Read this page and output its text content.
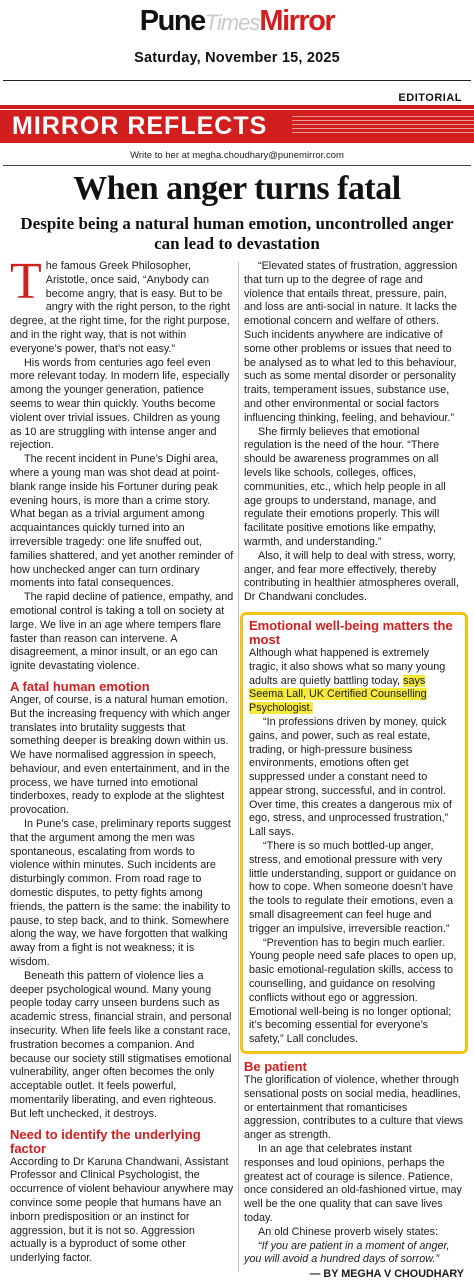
PuneTimesMirror
Saturday, November 15, 2025
EDITORIAL
MIRROR REFLECTS
Write to her at megha.choudhary@punemirror.com
When anger turns fatal
Despite being a natural human emotion, uncontrolled anger can lead to devastation

The famous Greek Philosopher, Aristotle, once said, “Anybody can become angry, that is easy. But to be angry with the right person, to the right degree, at the right time, for the right purpose, and in the right way, that is not within everyone’s power, that’s not easy.”

His words from centuries ago feel even more relevant today. In modern life, especially among the younger generation, patience seems to wear thin quickly. Youths become violent over trivial issues. Children as young as 10 are struggling with intense anger and rejection.

The recent incident in Pune’s Dighi area, where a young man was shot dead at point-blank range inside his Fortuner during peak evening hours, is more than a crime story. What began as a trivial argument among acquaintances quickly turned into an irreversible tragedy: one life snuffed out, families shattered, and yet another reminder of how unchecked anger can turn ordinary moments into fatal consequences.

The rapid decline of patience, empathy, and emotional control is taking a toll on society at large. We live in an age where tempers flare faster than reason can intervene. A disagreement, a minor insult, or an ego can ignite devastating violence.

A fatal human emotion

Anger, of course, is a natural human emotion. But the increasing frequency with which anger translates into brutality suggests that something deeper is breaking down within us. We have normalised aggression in speech, behaviour, and even entertainment, and in the process, we have turned into emotional tinderboxes, ready to explode at the slightest provocation.

In Pune’s case, preliminary reports suggest that the argument among the men was spontaneous, escalating from words to violence within minutes. Such incidents are disturbingly common. From road rage to domestic disputes, to petty fights among friends, the pattern is the same: the inability to pause, to step back, and to think. Somewhere along the way, we have forgotten that walking away from a fight is not weakness; it is wisdom.

Beneath this pattern of violence lies a deeper psychological wound. Many young people today carry unseen burdens such as academic stress, financial strain, and personal insecurity. When life feels like a constant race, frustration becomes a companion. And because our society still stigmatises emotional vulnerability, anger often becomes the only acceptable outlet. It feels powerful, momentarily liberating, and even righteous. But left unchecked, it destroys.

Need to identify the underlying factor

According to Dr Karuna Chandwani, Assistant Professor and Clinical Psychologist, the occurrence of violent behaviour anywhere may convince some people that humans have an inborn predisposition or an instinct for aggression, but it is not so. Aggression actually is a byproduct of some other underlying factor.

“Elevated states of frustration, aggression that turn up to the degree of rage and violence that entails threat, pressure, pain, and loss are anti-social in nature. It lacks the emotional concern and welfare of others. Such incidents anywhere are indicative of some other problems or issues that need to be analysed as to what led to this behaviour, such as some mental disorder or personality traits, temperament issues, substance use, and other environmental or social factors influencing thinking, feeling, and behaviour.”

She firmly believes that emotional regulation is the need of the hour. “There should be awareness programmes on all levels like schools, colleges, offices, communities, etc., which help people in all age groups to understand, manage, and regulate their emotions properly. This will facilitate positive emotions like empathy, warmth, and understanding.”

Also, it will help to deal with stress, worry, anger, and fear more effectively, thereby contributing in healthier atmospheres overall, Dr Chandwani concludes.

Emotional well-being matters the most

Although what happened is extremely tragic, it also shows what so many young adults are quietly battling today, says Seema Lall, UK Certified Counselling Psychologist.

“In professions driven by money, quick gains, and power, such as real estate, trading, or high-pressure business environments, emotions often get suppressed under a constant need to appear strong, successful, and in control. Over time, this creates a dangerous mix of ego, stress, and unprocessed frustration,” Lall says.

“There is so much bottled-up anger, stress, and emotional pressure with very little understanding, support or guidance on how to cope. When someone doesn’t have the tools to regulate their emotions, even a small disagreement can feel huge and trigger an impulsive, irreversible reaction.”

“Prevention has to begin much earlier. Young people need safe places to open up, basic emotional-regulation skills, access to counselling, and guidance on resolving conflicts without ego or aggression. Emotional well-being is no longer optional; it’s becoming essential for everyone’s safety,” Lall concludes.

Be patient

The glorification of violence, whether through sensational posts on social media, headlines, or entertainment that romanticises aggression, contributes to a culture that views anger as strength.

In an age that celebrates instant responses and loud opinions, perhaps the greatest act of courage is silence. Patience, once considered an old-fashioned virtue, may well be the one quality that can save lives today.

An old Chinese proverb wisely states:

“If you are patient in a moment of anger, you will avoid a hundred days of sorrow.”

— BY MEGHA V CHOUDHARY
